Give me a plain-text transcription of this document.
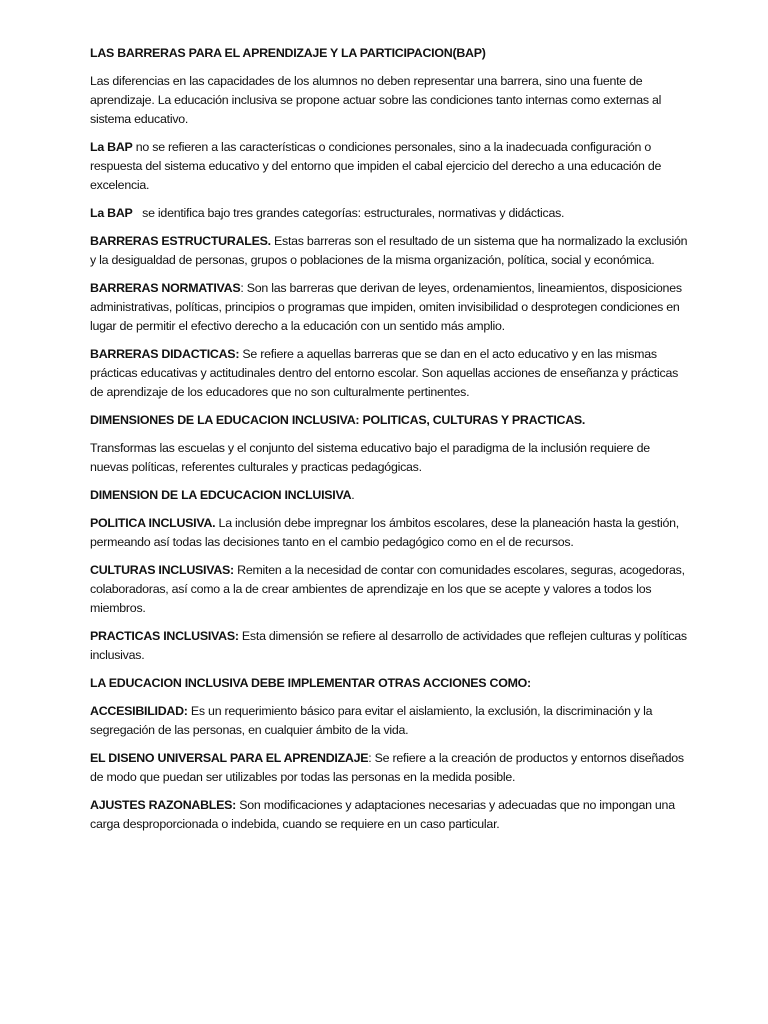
LAS BARRERAS PARA EL APRENDIZAJE Y LA PARTICIPACION(BAP)

Las diferencias en las capacidades de los alumnos no deben representar una barrera, sino una fuente de aprendizaje. La educación inclusiva se propone actuar sobre las condiciones tanto internas como externas al sistema educativo.

La BAP no se refieren a las características o condiciones personales, sino a la inadecuada configuración o respuesta del sistema educativo y del entorno que impiden el cabal ejercicio del derecho a una educación de excelencia.

La BAP   se identifica bajo tres grandes categorías: estructurales, normativas y didácticas.

BARRERAS ESTRUCTURALES. Estas barreras son el resultado de un sistema que ha normalizado la exclusión y la desigualdad de personas, grupos o poblaciones de la misma organización, política, social y económica.

BARRERAS NORMATIVAS: Son las barreras que derivan de leyes, ordenamientos, lineamientos, disposiciones administrativas, políticas, principios o programas que impiden, omiten invisibilidad o desprotegen condiciones en lugar de permitir el efectivo derecho a la educación con un sentido más amplio.

BARRERAS DIDACTICAS: Se refiere a aquellas barreras que se dan en el acto educativo y en las mismas prácticas educativas y actitudinales dentro del entorno escolar. Son aquellas acciones de enseñanza y prácticas de aprendizaje de los educadores que no son culturalmente pertinentes.

DIMENSIONES DE LA EDUCACION INCLUSIVA: POLITICAS, CULTURAS Y PRACTICAS.

Transformas las escuelas y el conjunto del sistema educativo bajo el paradigma de la inclusión requiere de nuevas políticas, referentes culturales y practicas pedagógicas.

DIMENSION DE LA EDCUCACION INCLUISIVA.

POLITICA INCLUSIVA. La inclusión debe impregnar los ámbitos escolares, dese la planeación hasta la gestión, permeando así todas las decisiones tanto en el cambio pedagógico como en el de recursos.

CULTURAS INCLUSIVAS: Remiten a la necesidad de contar con comunidades escolares, seguras, acogedoras, colaboradoras, así como a la de crear ambientes de aprendizaje en los que se acepte y valores a todos los miembros.

PRACTICAS INCLUSIVAS: Esta dimensión se refiere al desarrollo de actividades que reflejen culturas y políticas inclusivas.

LA EDUCACION INCLUSIVA DEBE IMPLEMENTAR OTRAS ACCIONES COMO:

ACCESIBILIDAD: Es un requerimiento básico para evitar el aislamiento, la exclusión, la discriminación y la segregación de las personas, en cualquier ámbito de la vida.

EL DISENO UNIVERSAL PARA EL APRENDIZAJE: Se refiere a la creación de productos y entornos diseñados de modo que puedan ser utilizables por todas las personas en la medida posible.

AJUSTES RAZONABLES: Son modificaciones y adaptaciones necesarias y adecuadas que no impongan una carga desproporcionada o indebida, cuando se requiere en un caso particular.
